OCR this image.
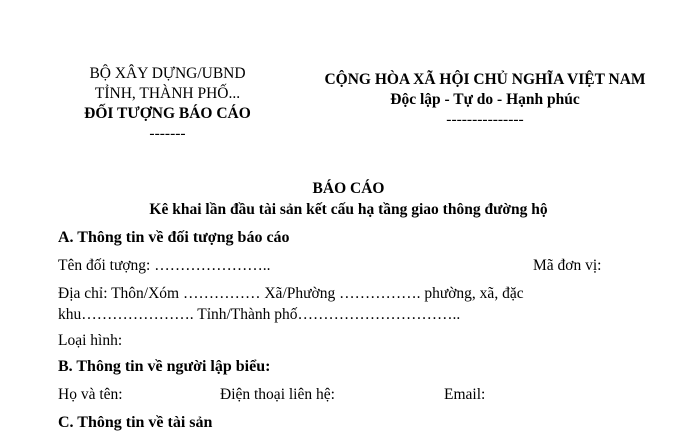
BỘ XÂY DỰNG/UBND
TỈNH, THÀNH PHỐ...
ĐỐI TƯỢNG BÁO CÁO
-------
CỘNG HÒA XÃ HỘI CHỦ NGHĨA VIỆT NAM
Độc lập - Tự do - Hạnh phúc
---------------
BÁO CÁO
Kê khai lần đầu tài sản kết cấu hạ tầng giao thông đường hộ
A. Thông tin về đối tượng báo cáo
Tên đối tượng: …………………..	Mã đơn vị:
Địa chỉ: Thôn/Xóm …………… Xã/Phường ……………. phường, xã, đặc
khu…………………. Tỉnh/Thành phố…………………………..
Loại hình:
B. Thông tin về người lập biểu:
Họ và tên:	Điện thoại liên hệ:	Email:
C. Thông tin về tài sản
